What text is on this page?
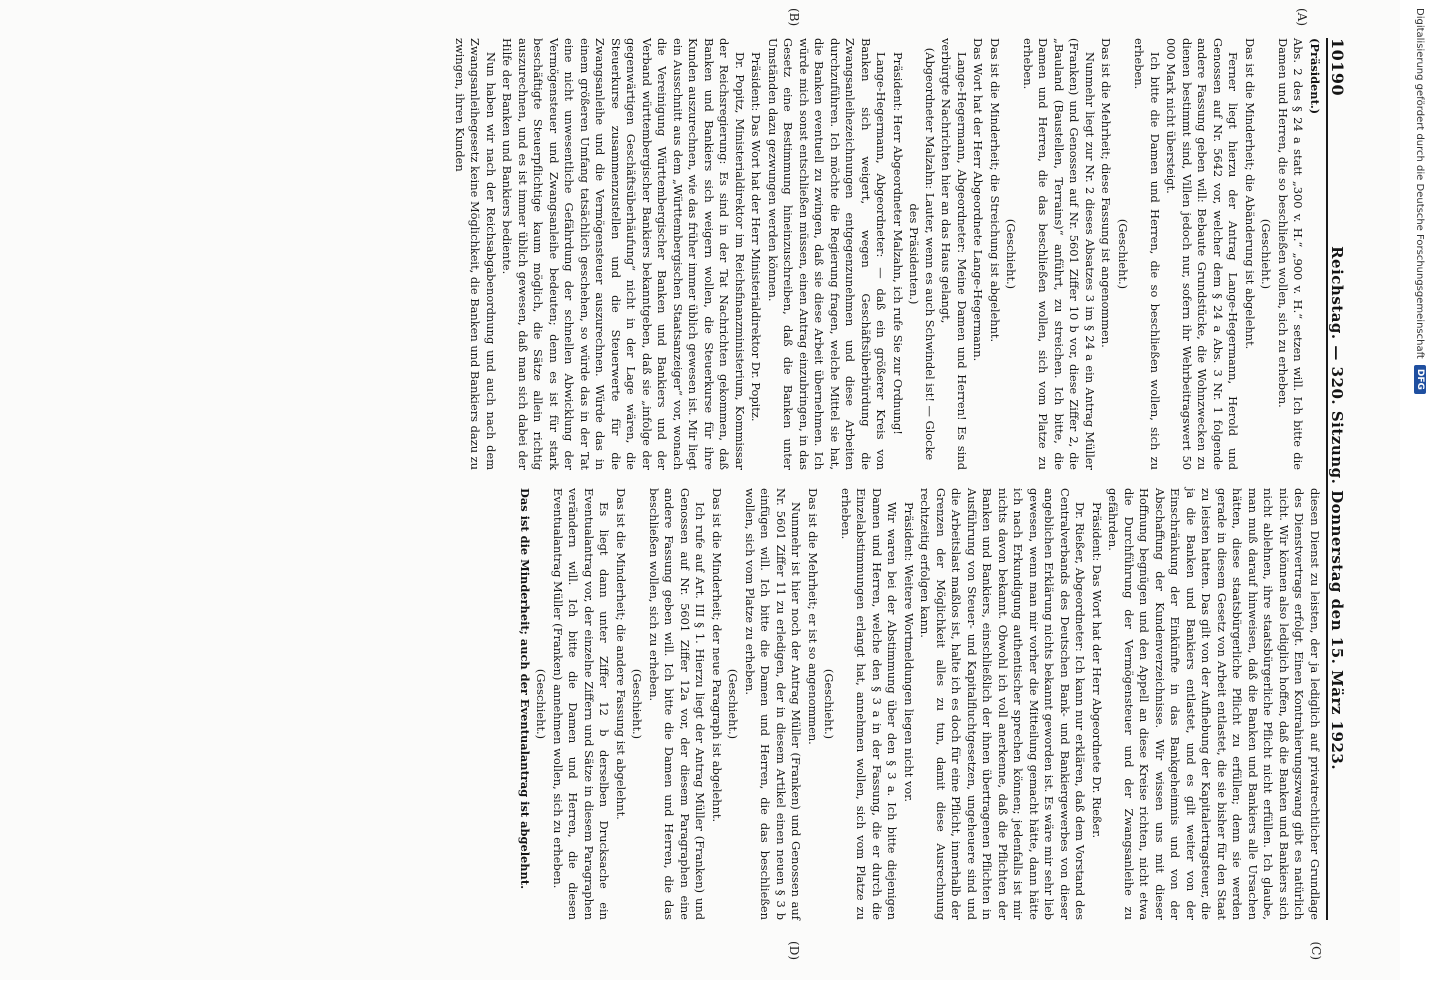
10190
Reichstag. — 320. Sitzung. Donnerstag den 15. März 1923.
(A)
(B)

(Präsident.)

Abs. 2 des § 24 a statt „300 v. H.“ „900 v. H.“ setzen will. Ich bitte die Damen und Herren, die so beschließen wollen, sich zu erheben.

(Geschieht.)

Das ist die Minderheit; die Abänderung ist abgelehnt.

Ferner liegt hierzu der Antrag Lange-Hegermann, Herold und Genossen auf Nr. 5642 vor, welcher dem § 24 a Abs. 3 Nr. 1 folgende andere Fassung geben will: Bebaute Grundstücke, die Wohnzwecken zu dienen bestimmt sind, Villen jedoch nur, sofern ihr Wehrbeitragswert 50 000 Mark nicht übersteigt.

Ich bitte die Damen und Herren, die so beschließen wollen, sich zu erheben.

(Geschieht.)

Das ist die Mehrheit; diese Fassung ist angenommen.

Nunmehr liegt zur Nr. 2 dieses Absatzes 3 im § 24 a ein Antrag Müller (Franken) und Genossen auf Nr. 5601 Ziffer 10 b vor, diese Ziffer 2, die „Bauland (Baustellen, Terrains)“ anführt, zu streichen. Ich bitte, die Damen und Herren, die das beschließen wollen, sich vom Platze zu erheben.

(Geschieht.)

Das ist die Minderheit; die Streichung ist abgelehnt.

Das Wort hat der Herr Abgeordnete Lange-Hegermann.

Lange-Hegermann, Abgeordneter: Meine Damen und Herren! Es sind verbürgte Nachrichten hier an das Haus gelangt,

(Abgeordneter Malzahn: Lauter, wenn es auch Schwindel ist! — Glocke des Präsidenten.)

Präsident: Herr Abgeordneter Malzahn, ich rufe Sie zur Ordnung!

Lange-Hegermann, Abgeordneter: — daß ein größerer Kreis von Banken sich weigert, wegen Geschäftsüberbürdung die Zwangsanleihezeichnungen entgegenzunehmen und diese Arbeiten durchzuführen. Ich möchte die Regierung fragen, welche Mittel sie hat, die Banken eventuell zu zwingen, daß sie diese Arbeit übernehmen. Ich würde mich sonst entschließen müssen, einen Antrag einzubringen, in das Gesetz eine Bestimmung hineinzuschreiben, daß die Banken unter Umständen dazu gezwungen werden können.

Präsident: Das Wort hat der Herr Ministerialdirektor Dr. Popitz.

Dr. Popitz, Ministerialdirektor im Reichsfinanzministerium, Kommissar der Reichsregierung: Es sind in der Tat Nachrichten gekommen, daß Banken und Bankiers sich weigern wollen, die Steuerkurse für ihre Kunden auszurechnen, wie das früher immer üblich gewesen ist. Mir liegt ein Ausschnitt aus dem „Württembergischen Staatsanzeiger“ vor, wonach die Vereinigung Württembergischer Banken und Bankiers und der Verband württembergischer Bankiers bekanntgeben, daß sie „infolge der gegenwärtigen Geschäftsüberhäufung“ nicht in der Lage wären, die Steuerkurse zusammenzustellen und die Steuerwerte für die Zwangsanleihe und die Vermögensteuer auszurechnen. Würde das in einem größeren Umfang tatsächlich geschehen, so würde das in der Tat eine nicht unwesentliche Gefährdung der schnellen Abwicklung der Vermögensteuer und Zwangsanleihe bedeuten; denn es ist für stark beschäftigte Steuerpflichtige kaum möglich, die Sätze allein richtig auszurechnen, und es ist immer üblich gewesen, daß man sich dabei der Hilfe der Banken und Bankiers bediente.

Nun haben wir nach der Reichsabgabenordnung und auch nach dem Zwangsanleihegesetz keine Möglichkeit, die Banken und Bankiers dazu zu zwingen, ihren Kunden

(C)
(D)

diesen Dienst zu leisten, der ja lediglich auf privatrechtlicher Grundlage des Dienstvertrags erfolgt. Einen Kontrahierungszwang gibt es natürlich nicht. Wir können also lediglich hoffen, daß die Banken und Bankiers sich nicht ablehnen, ihre staatsbürgerliche Pflicht nicht erfüllen. Ich glaube, man muß darauf hinweisen, daß die Banken und Bankiers alle Ursachen hätten, diese staatsbürgerliche Pflicht zu erfüllen; denn sie werden gerade in diesem Gesetz von Arbeit entlastet, die sie bisher für den Staat zu leisten hatten. Das gilt von der Aufhebung der Kapitalertragsteuer, die ja die Banken und Bankiers entlastet, und es gilt weiter von der Einschränkung der Einkünfte in das Bankgeheimnis und von der Abschaffung der Kundenverzeichnisse. Wir wissen uns mit dieser Hoffnung begnügen und den Appell an diese Kreise richten, nicht etwa die Durchführung der Vermögensteuer und der Zwangsanleihe zu gefährden.

Präsident: Das Wort hat der Herr Abgeordnete Dr. Rießer.

Dr. Rießer, Abgeordneter: Ich kann nur erklären, daß dem Vorstand des Centralverbands des Deutschen Bank- und Bankiergewerbes von dieser angeblichen Erklärung nichts bekannt geworden ist. Es wäre mir sehr lieb gewesen, wenn man mir vorher die Mitteilung gemacht hätte, dann hätte ich nach Erkundigung authentischer sprechen können; jedenfalls ist mir nichts davon bekannt. Obwohl ich voll anerkenne, daß die Pflichten der Banken und Bankiers, einschließlich der ihnen übertragenen Pflichten in Ausführung von Steuer- und Kapitalfluchtgesetzen, ungeheuere sind und die Arbeitslast maßlos ist, halte ich es doch für eine Pflicht, innerhalb der Grenzen der Möglichkeit alles zu tun, damit diese Ausrechnung rechtzeitig erfolgen kann.

Präsident: Weitere Wortmeldungen liegen nicht vor.

Wir waren bei der Abstimmung über den § 3 a. Ich bitte diejenigen Damen und Herren, welche den § 3 a in der Fassung, die er durch die Einzelabstimmungen erlangt hat, annehmen wollen, sich vom Platze zu erheben.

(Geschieht.)

Das ist die Mehrheit; er ist so angenommen.

Nunmehr ist hier noch der Antrag Müller (Franken) und Genossen auf Nr. 5601 Ziffer 11 zu erledigen, der in diesem Artikel einen neuen § 3 b einfügen will. Ich bitte die Damen und Herren, die das beschließen wollen, sich vom Platze zu erheben.

(Geschieht.)

Das ist die Minderheit; der neue Paragraph ist abgelehnt.

Ich rufe auf Art. III § 1. Hierzu liegt der Antrag Müller (Franken) und Genossen auf Nr. 5601 Ziffer 12a vor, der diesem Paragraphen eine andere Fassung geben will. Ich bitte die Damen und Herren, die das beschließen wollen, sich zu erheben.

(Geschieht.)

Das ist die Minderheit; die andere Fassung ist abgelehnt.

Es liegt dann unter Ziffer 12 b derselben Drucksache ein Eventualantrag vor, der einzelne Ziffern und Sätze in diesem Paragraphen verändern will. Ich bitte die Damen und Herren, die diesen Eventualantrag Müller (Franken) annehmen wollen, sich zu erheben.

(Geschieht.)

Das ist die Minderheit; auch der Eventualantrag ist abgelehnt.

Digitalisierung gefördert durch die Deutsche Forschungsgemeinschaft
DFG
